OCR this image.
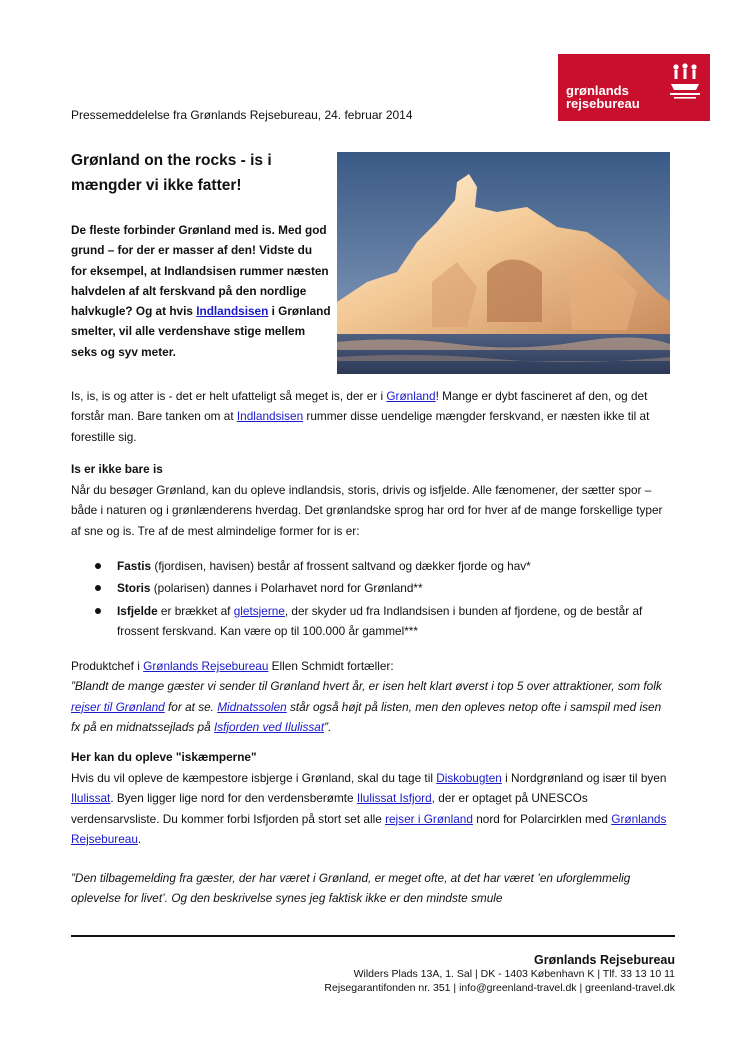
grønlands
rejsebureau
Pressemeddelelse fra Grønlands Rejsebureau, 24. februar 2014
Grønland on the rocks - is i mængder vi ikke fatter!
De fleste forbinder Grønland med is. Med god grund – for der er masser af den! Vidste du for eksempel, at Indlandsisen rummer næsten halvdelen af alt ferskvand på den nordlige halvkugle? Og at hvis Indlandsisen i Grønland smelter, vil alle verdenshave stige mellem seks og syv meter.
Is, is, is og atter is - det er helt ufatteligt så meget is, der er i Grønland! Mange er dybt fascineret af den, og det forstår man. Bare tanken om at Indlandsisen rummer disse uendelige mængder ferskvand, er næsten ikke til at forestille sig.
Is er ikke bare is
Når du besøger Grønland, kan du opleve indlandsis, storis, drivis og isfjelde. Alle fænomener, der sætter spor – både i naturen og i grønlænderens hverdag. Det grønlandske sprog har ord for hver af de mange forskellige typer af sne og is. Tre af de mest almindelige former for is er:
Fastis (fjordisen, havisen) består af frossent saltvand og dækker fjorde og hav*
Storis (polarisen) dannes i Polarhavet nord for Grønland**
Isfjelde er brækket af gletsjerne, der skyder ud fra Indlandsisen i bunden af fjordene, og de består af frossent ferskvand. Kan være op til 100.000 år gammel***
Produktchef i Grønlands Rejsebureau Ellen Schmidt fortæller:
”Blandt de mange gæster vi sender til Grønland hvert år, er isen helt klart øverst i top 5 over attraktioner, som folk rejser til Grønland for at se. Midnatssolen står også højt på listen, men den opleves netop ofte i samspil med isen fx på en midnatssejlads på Isfjorden ved Ilulissat”.
Her kan du opleve "iskæmperne"
Hvis du vil opleve de kæmpestore isbjerge i Grønland, skal du tage til Diskobugten i Nordgrønland og især til byen Ilulissat. Byen ligger lige nord for den verdensberømte Ilulissat Isfjord, der er optaget på UNESCOs verdensarvsliste. Du kommer forbi Isfjorden på stort set alle rejser i Grønland nord for Polarcirklen med Grønlands Rejsebureau.
”Den tilbagemelding fra gæster, der har været i Grønland, er meget ofte, at det har været ’en uforglemmelig oplevelse for livet’. Og den beskrivelse synes jeg faktisk ikke er den mindste smule
Grønlands Rejsebureau
Wilders Plads 13A, 1. Sal | DK - 1403 København K | Tlf. 33 13 10 11
Rejsegarantifonden nr. 351 | info@greenland-travel.dk | greenland-travel.dk
